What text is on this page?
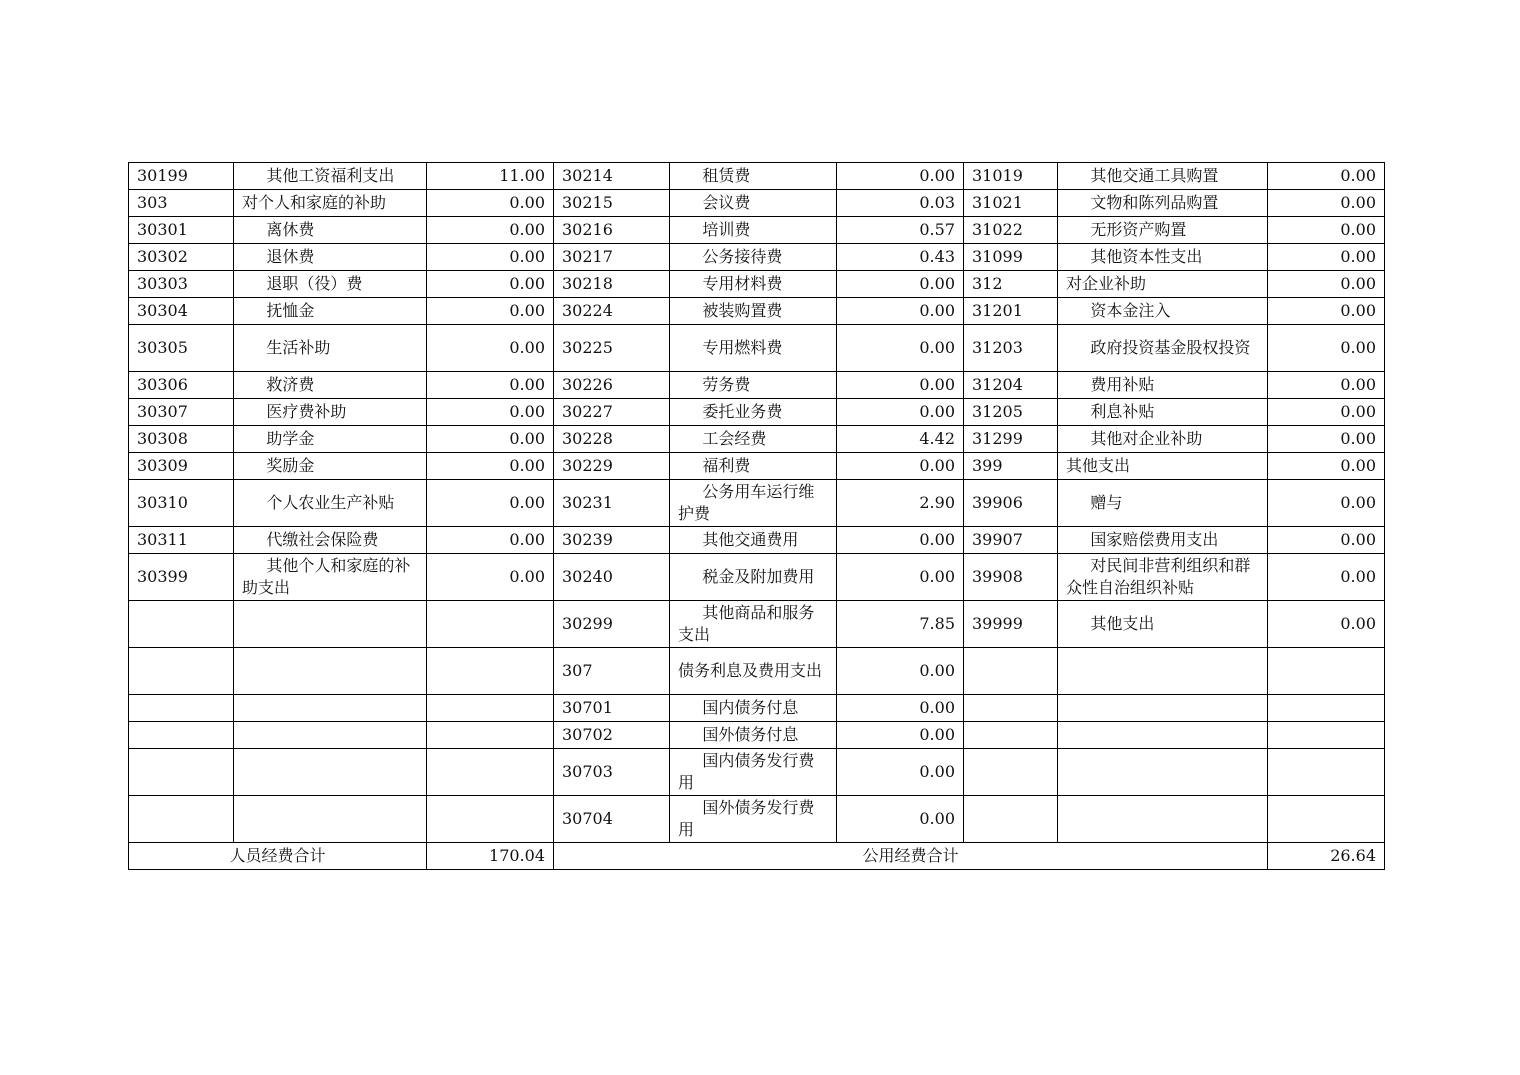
30199	其他工资福利支出	11.00	30214	租赁费	0.00	31019	其他交通工具购置	0.00
303	对个人和家庭的补助	0.00	30215	会议费	0.03	31021	文物和陈列品购置	0.00
30301	离休费	0.00	30216	培训费	0.57	31022	无形资产购置	0.00
30302	退休费	0.00	30217	公务接待费	0.43	31099	其他资本性支出	0.00
30303	退职（役）费	0.00	30218	专用材料费	0.00	312	对企业补助	0.00
30304	抚恤金	0.00	30224	被装购置费	0.00	31201	资本金注入	0.00
30305	生活补助	0.00	30225	专用燃料费	0.00	31203	政府投资基金股权投资	0.00
30306	救济费	0.00	30226	劳务费	0.00	31204	费用补贴	0.00
30307	医疗费补助	0.00	30227	委托业务费	0.00	31205	利息补贴	0.00
30308	助学金	0.00	30228	工会经费	4.42	31299	其他对企业补助	0.00
30309	奖励金	0.00	30229	福利费	0.00	399	其他支出	0.00
30310	个人农业生产补贴	0.00	30231	公务用车运行维护费	2.90	39906	赠与	0.00
30311	代缴社会保险费	0.00	30239	其他交通费用	0.00	39907	国家赔偿费用支出	0.00
30399	其他个人和家庭的补助支出	0.00	30240	税金及附加费用	0.00	39908	对民间非营利组织和群众性自治组织补贴	0.00
			30299	其他商品和服务支出	7.85	39999	其他支出	0.00
			307	债务利息及费用支出	0.00			
			30701	国内债务付息	0.00			
			30702	国外债务付息	0.00			
			30703	国内债务发行费用	0.00			
			30704	国外债务发行费用	0.00			
人员经费合计		170.04	公用经费合计					26.64
